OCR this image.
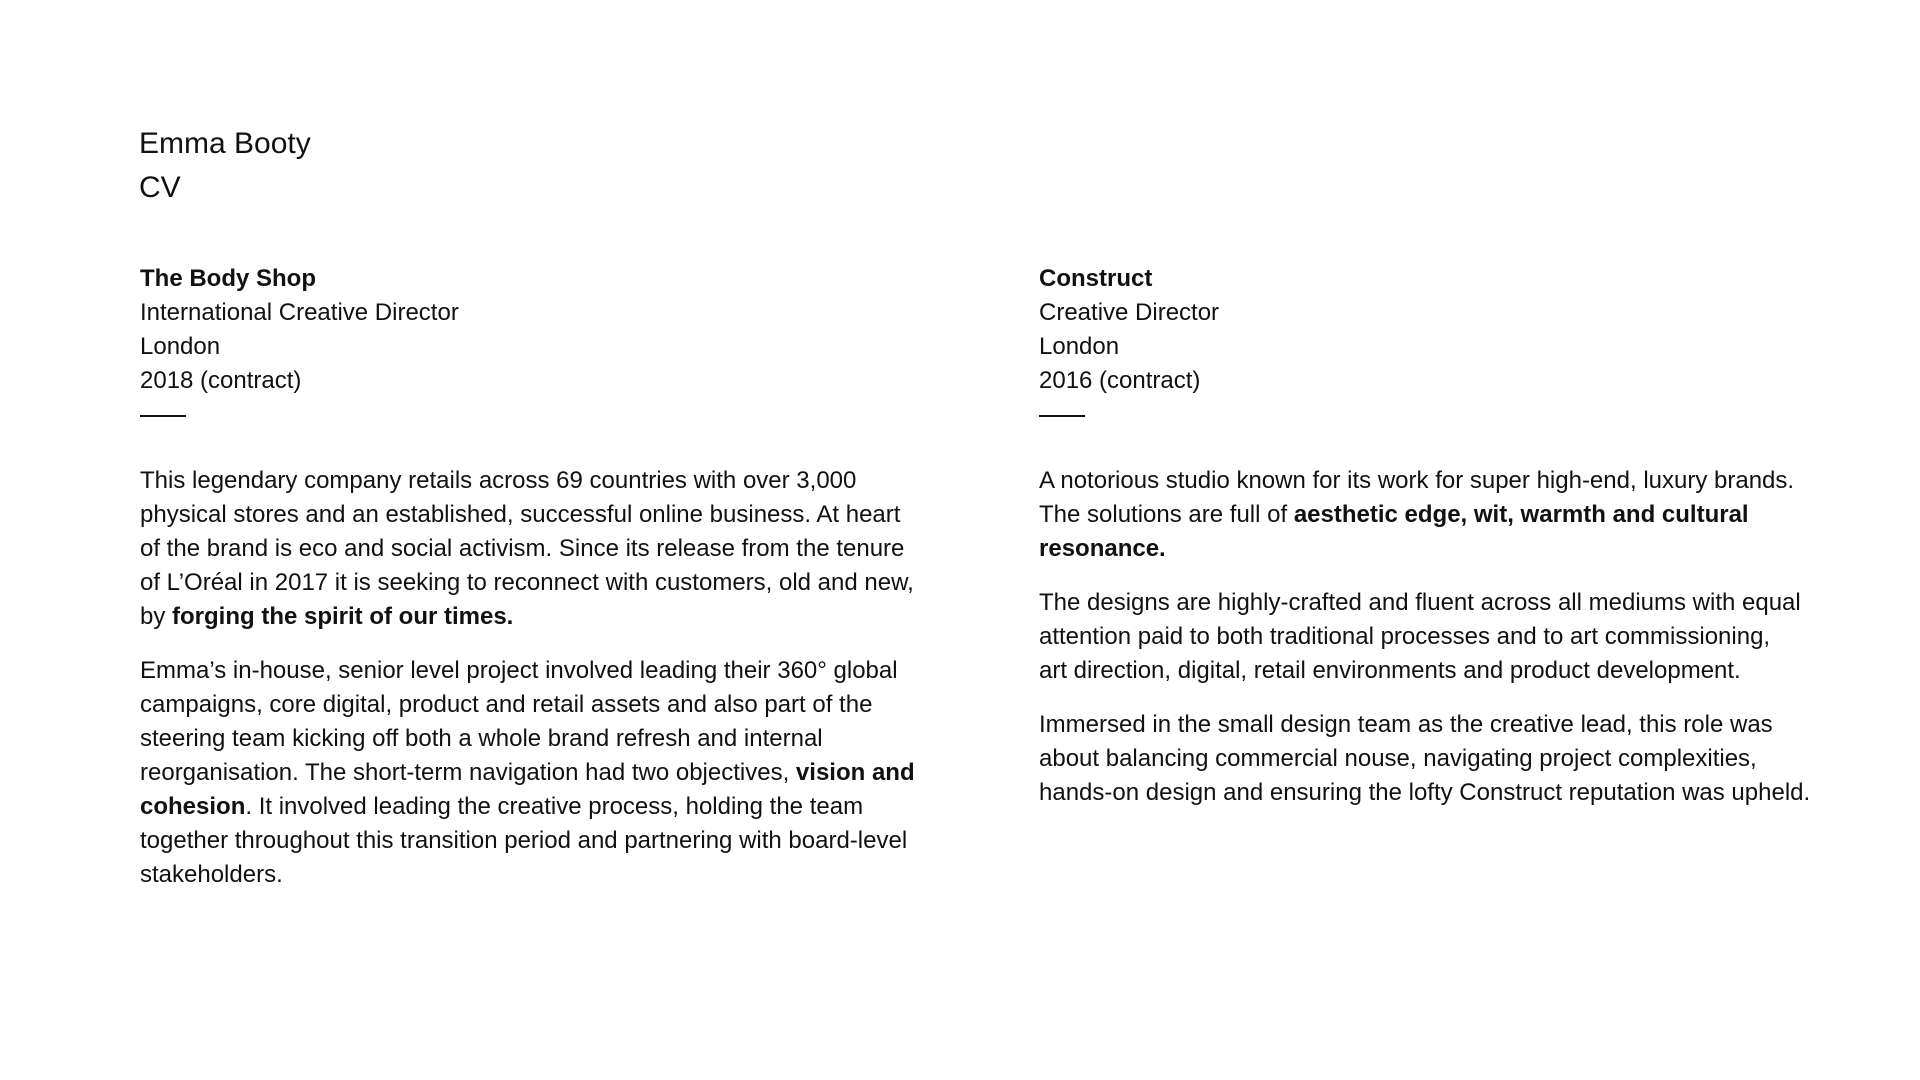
Emma Booty
CV
The Body Shop
International Creative Director
London
2018 (contract)

This legendary company retails across 69 countries with over 3,000 physical stores and an established, successful online business. At heart
of the brand is eco and social activism. Since its release from the tenure of L’Oréal in 2017 it is seeking to reconnect with customers, old and new, by forging the spirit of our times.

Emma’s in-house, senior level project involved leading their 360° global campaigns, core digital, product and retail assets and also part of the steering team kicking off both a whole brand refresh and internal reorganisation. The short-term navigation had two objectives, vision and cohesion. It involved leading the creative process, holding the team together throughout this transition period and partnering with board-level stakeholders.

Construct
Creative Director
London
2016 (contract)

A notorious studio known for its work for super high-end, luxury brands. The solutions are full of aesthetic edge, wit, warmth and cultural resonance.

The designs are highly-crafted and fluent across all mediums with equal attention paid to both traditional processes and to art commissioning,
art direction, digital, retail environments and product development.

Immersed in the small design team as the creative lead, this role was about balancing commercial nouse, navigating project complexities, hands-on design and ensuring the lofty Construct reputation was upheld.
